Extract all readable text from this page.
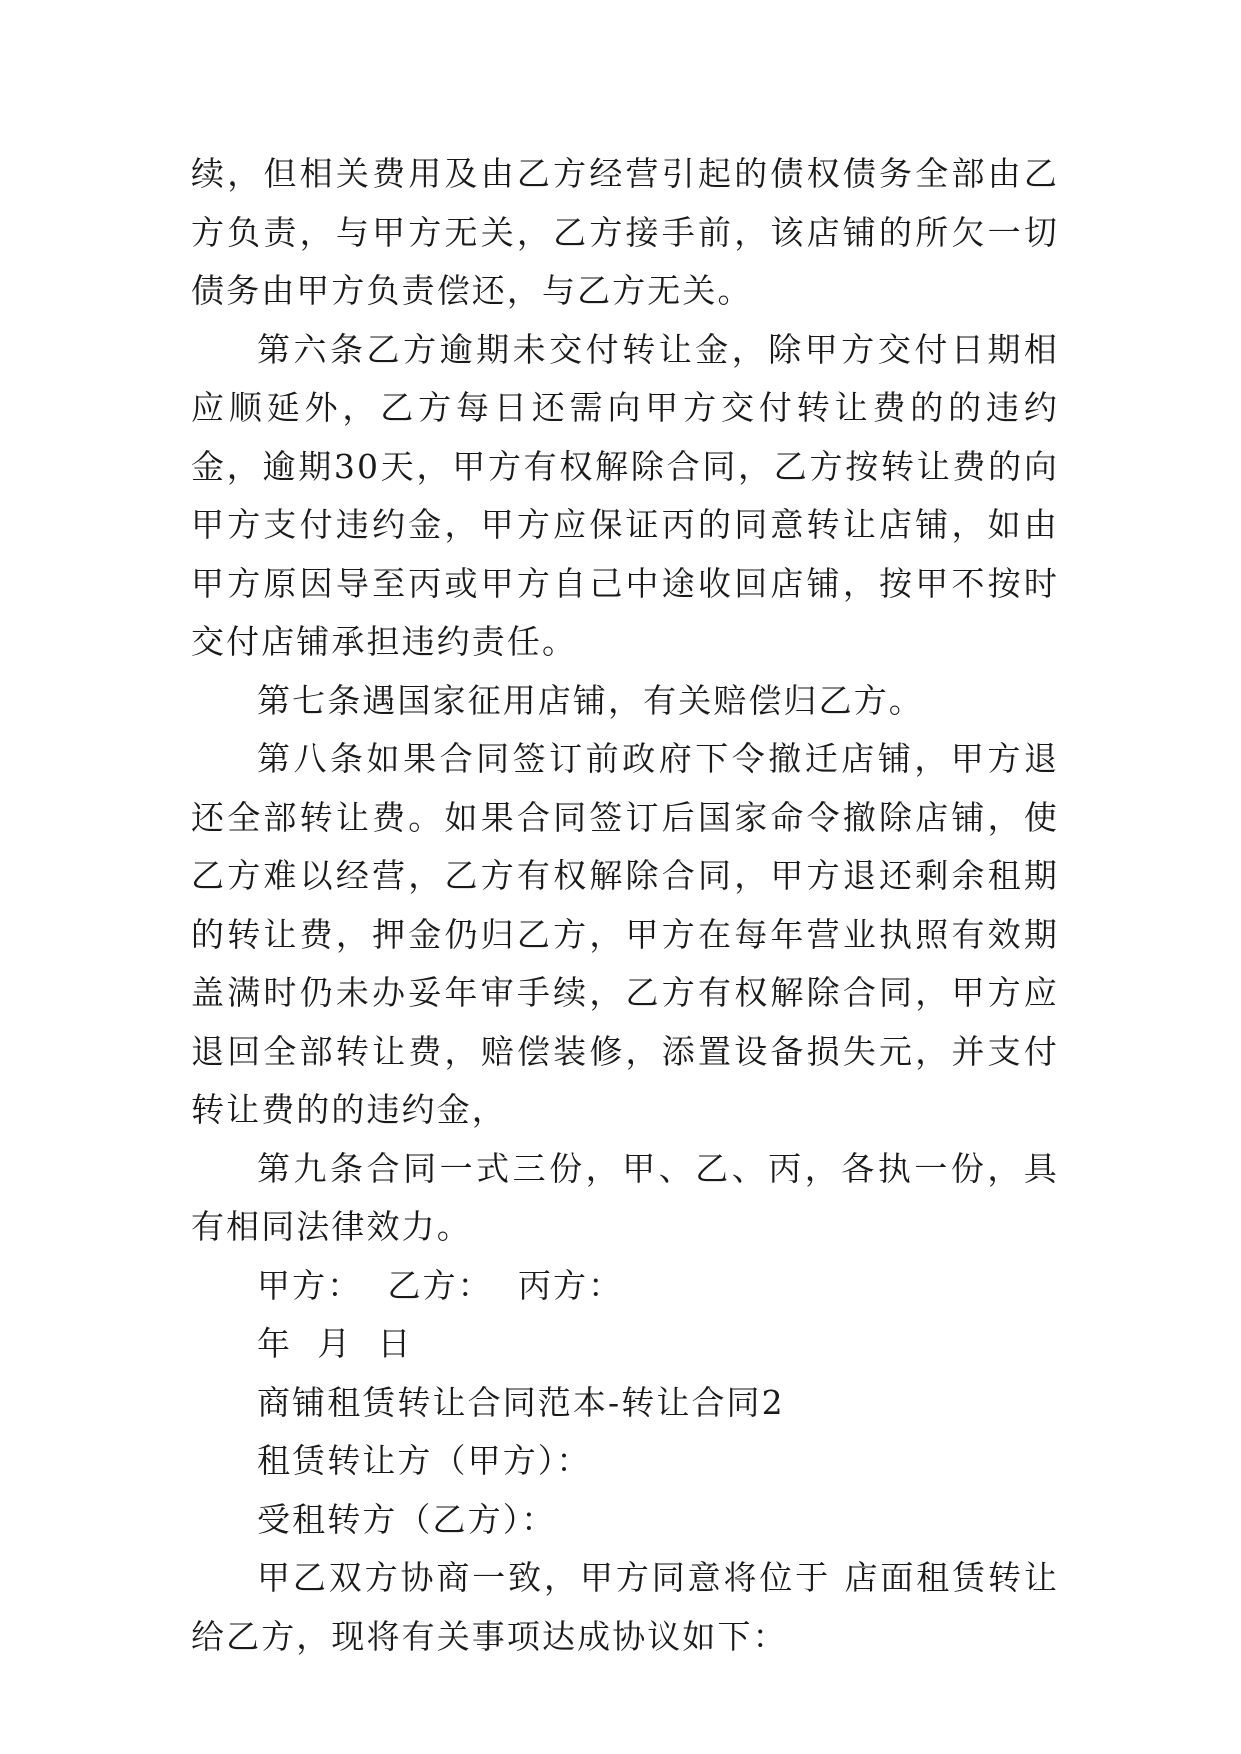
续，但相关费用及由乙方经营引起的债权债务全部由乙方负责，与甲方无关，乙方接手前，该店铺的所欠一切债务由甲方负责偿还，与乙方无关。

第六条乙方逾期未交付转让金，除甲方交付日期相应顺延外，乙方每日还需向甲方交付转让费的的违约金，逾期30天，甲方有权解除合同，乙方按转让费的向甲方支付违约金，甲方应保证丙的同意转让店铺，如由甲方原因导至丙或甲方自己中途收回店铺，按甲不按时交付店铺承担违约责任。

第七条遇国家征用店铺，有关赔偿归乙方。

第八条如果合同签订前政府下令撤迁店铺，甲方退还全部转让费。如果合同签订后国家命令撤除店铺，使乙方难以经营，乙方有权解除合同，甲方退还剩余租期的转让费，押金仍归乙方，甲方在每年营业执照有效期盖满时仍未办妥年审手续，乙方有权解除合同，甲方应退回全部转让费，赔偿装修，添置设备损失元，并支付转让费的的违约金，

第九条合同一式三份，甲、乙、丙，各执一份，具有相同法律效力。

甲方：  乙方：  丙方：

年  月  日

商铺租赁转让合同范本-转让合同2

租赁转让方（甲方）：

受租转方（乙方）：

甲乙双方协商一致，甲方同意将位于 店面租赁转让给乙方，现将有关事项达成协议如下：
